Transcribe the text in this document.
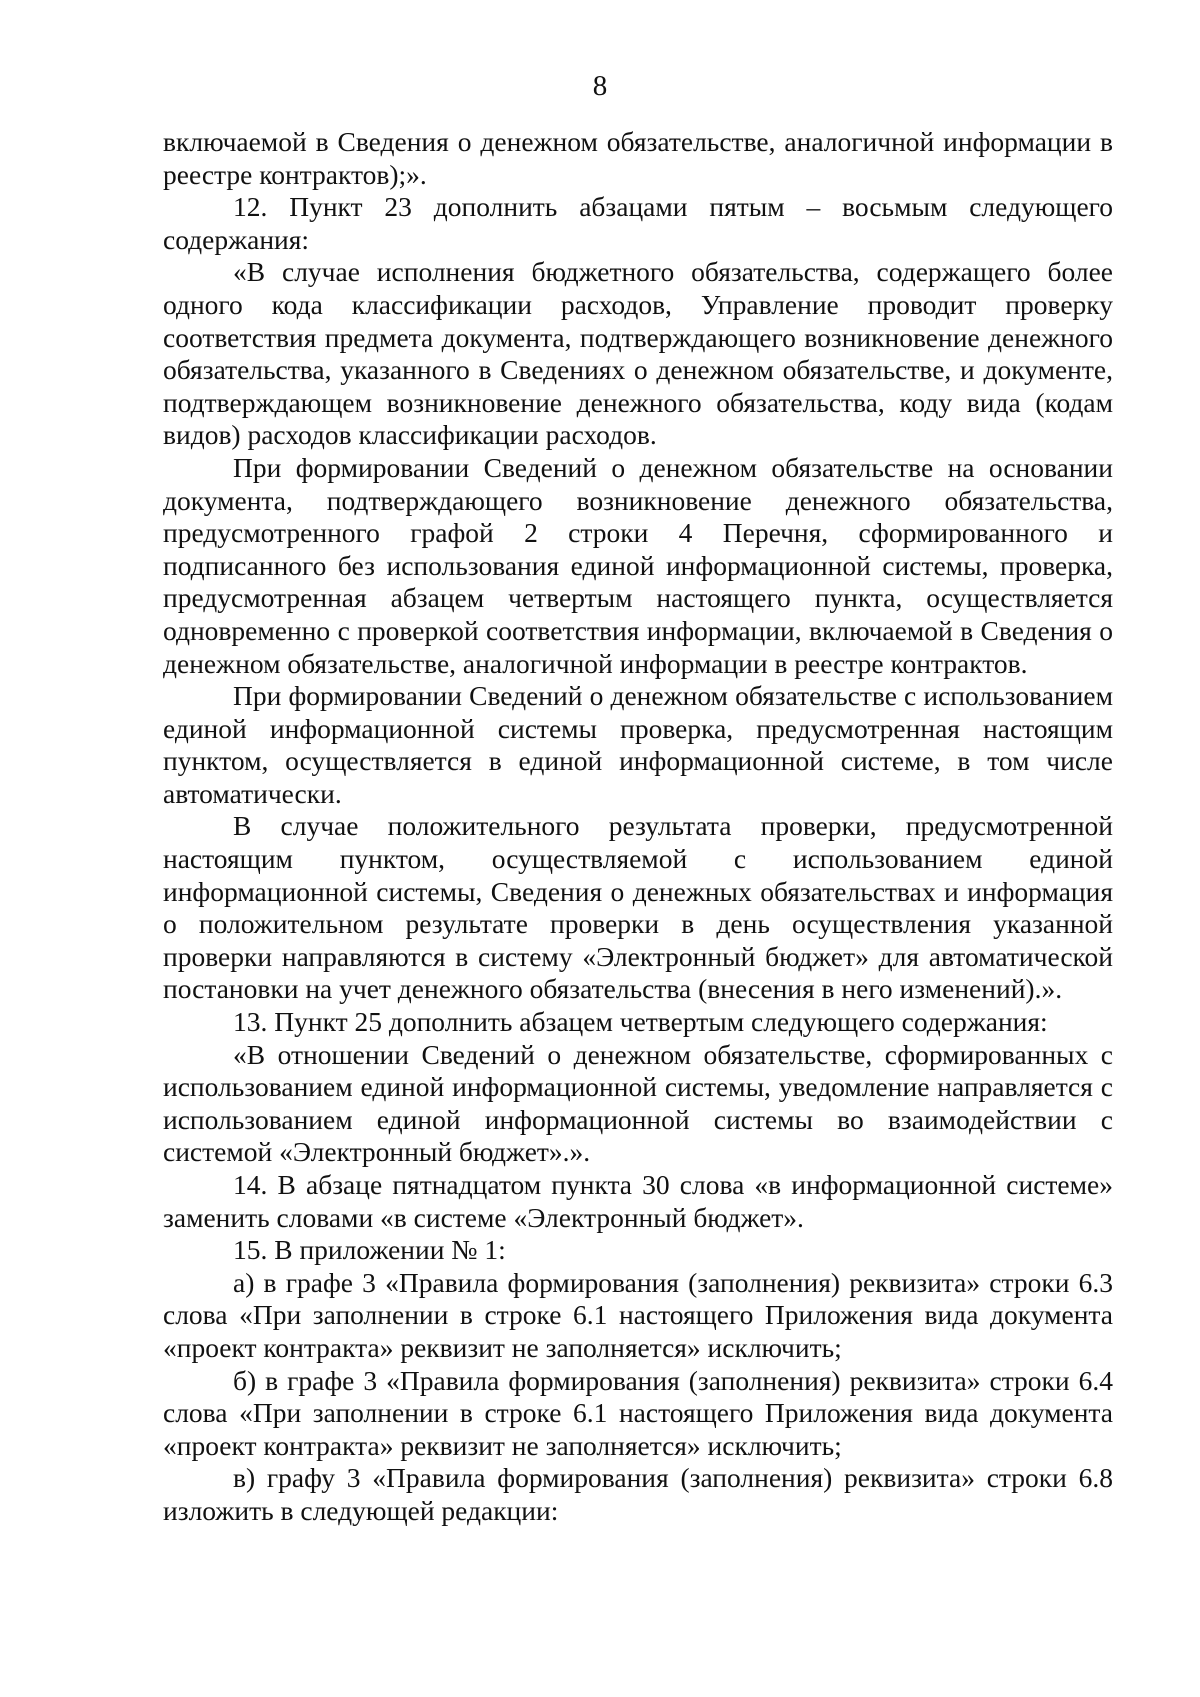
8

включаемой в Сведения о денежном обязательстве, аналогичной информации в реестре контрактов);».

12. Пункт 23 дополнить абзацами пятым – восьмым следующего содержания:

«В случае исполнения бюджетного обязательства, содержащего более одного кода классификации расходов, Управление проводит проверку соответствия предмета документа, подтверждающего возникновение денежного обязательства, указанного в Сведениях о денежном обязательстве, и документе, подтверждающем возникновение денежного обязательства, коду вида (кодам видов) расходов классификации расходов.

При формировании Сведений о денежном обязательстве на основании документа, подтверждающего возникновение денежного обязательства, предусмотренного графой 2 строки 4 Перечня, сформированного и подписанного без использования единой информационной системы, проверка, предусмотренная абзацем четвертым настоящего пункта, осуществляется одновременно с проверкой соответствия информации, включаемой в Сведения о денежном обязательстве, аналогичной информации в реестре контрактов.

При формировании Сведений о денежном обязательстве с использованием единой информационной системы проверка, предусмотренная настоящим пунктом, осуществляется в единой информационной системе, в том числе автоматически.

В случае положительного результата проверки, предусмотренной настоящим пунктом, осуществляемой с использованием единой информационной системы, Сведения о денежных обязательствах и информация о положительном результате проверки в день осуществления указанной проверки направляются в систему «Электронный бюджет» для автоматической постановки на учет денежного обязательства (внесения в него изменений).».

13. Пункт 25 дополнить абзацем четвертым следующего содержания:

«В отношении Сведений о денежном обязательстве, сформированных с использованием единой информационной системы, уведомление направляется с использованием единой информационной системы во взаимодействии с системой «Электронный бюджет».».

14. В абзаце пятнадцатом пункта 30 слова «в информационной системе» заменить словами «в системе «Электронный бюджет».

15. В приложении № 1:

а) в графе 3 «Правила формирования (заполнения) реквизита» строки 6.3 слова «При заполнении в строке 6.1 настоящего Приложения вида документа «проект контракта» реквизит не заполняется» исключить;

б) в графе 3 «Правила формирования (заполнения) реквизита» строки 6.4 слова «При заполнении в строке 6.1 настоящего Приложения вида документа «проект контракта» реквизит не заполняется» исключить;

в) графу 3 «Правила формирования (заполнения) реквизита» строки 6.8 изложить в следующей редакции:
